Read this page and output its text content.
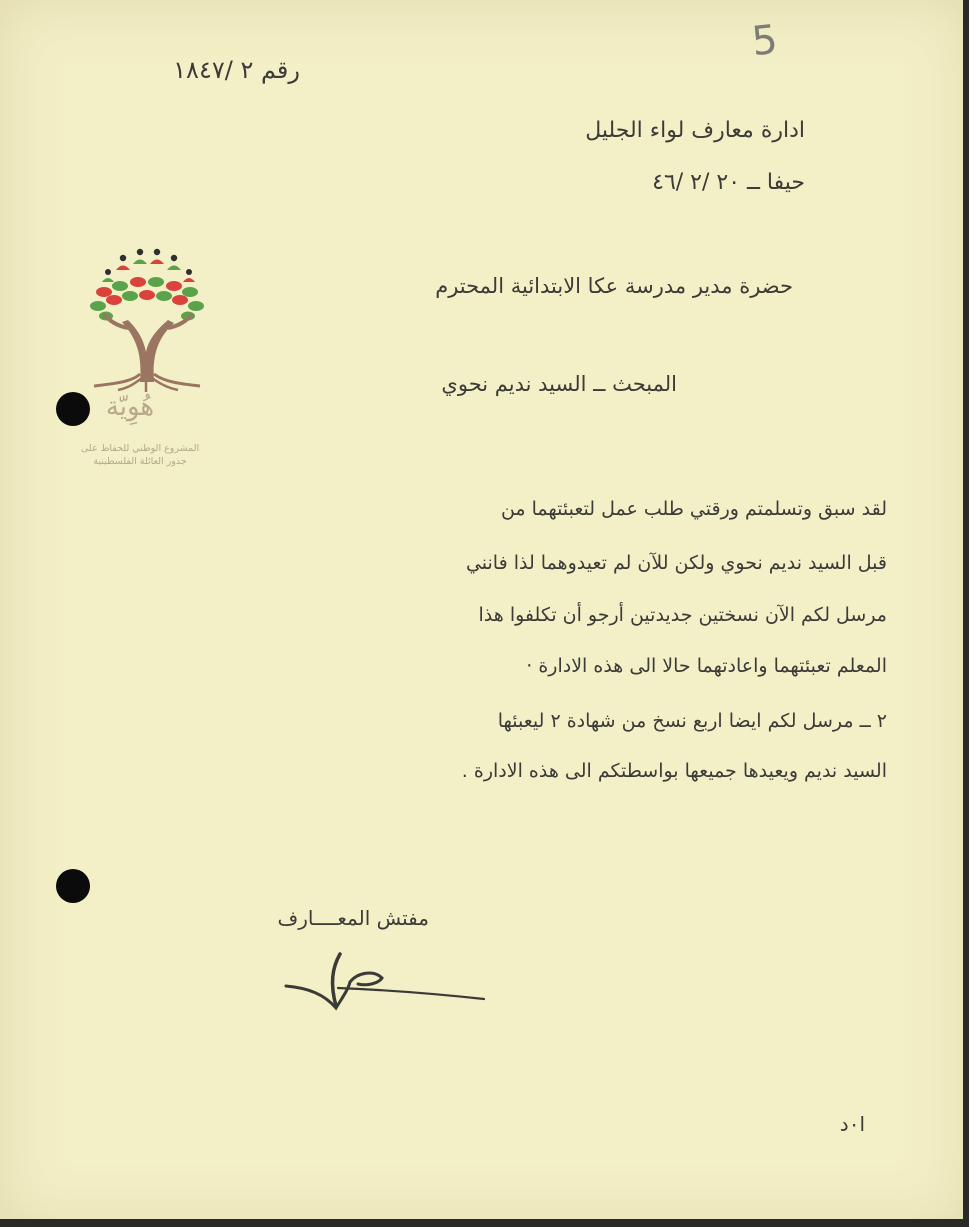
5
رقم ٢ /١٨٤٧
ادارة معارف لواء الجليل
حيفا ــ ٢٠ /٢ /٤٦
حضرة مدير مدرسة عكا الابتدائية المحترم
المبحث ــ السيد نديم نحوي
لقد سبق وتسلمتم ورقتي طلب عمل لتعبئتهما من
قبل السيد نديم نحوي ولكن للآن لم تعيدوهما لذا فانني
مرسل لكم الآن نسختين جديدتين أرجو أن تكلفوا هذا
المعلم تعبئتهما واعادتهما حالا الى هذه الادارة ·
٢ ــ مرسل لكم ايضا اربع نسخ من شهادة ٢ ليعبئها
السيد نديم ويعيدها جميعها بواسطتكم الى هذه الادارة .
مفتش المعــــارف
ا٠د
هُوِيّة
المشروع الوطني للحفاظ على
جذور العائلة الفلسطينية
